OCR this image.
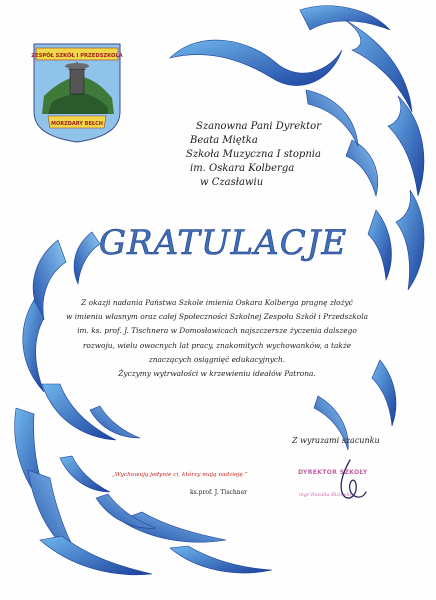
ZESPÓŁ SZKÓŁ I PRZEDSZKOLA
MORZDARY BEŁCH	Szanowna Pani Dyrektor
Beata Miętka
Szkoła Muzyczna I stopnia
im. Oskara Kolberga
w Czasławiu
GRATULACJE
Z okazji nadania Państwa Szkole imienia Oskara Kolberga pragnę złożyć
w imieniu własnym oraz całej Społeczności Szkolnej Zespołu Szkół i Przedszkola
im. ks. prof. J. Tischnera w Domosławicach najszczersze życzenia dalszego
rozwoju, wielu owocnych lat pracy, znakomitych wychowanków, a także
znaczących osiągnięć edukacyjnych.
Życzymy wytrwałości w krzewieniu ideałów Patrona.
Z wyrazami szacunku
DYREKTOR SZKOŁY
mgr Rozalia Bizinski
„Wychowują jedynie ci, którzy mają nadzieję.”
ks.prof. J. Tischner
